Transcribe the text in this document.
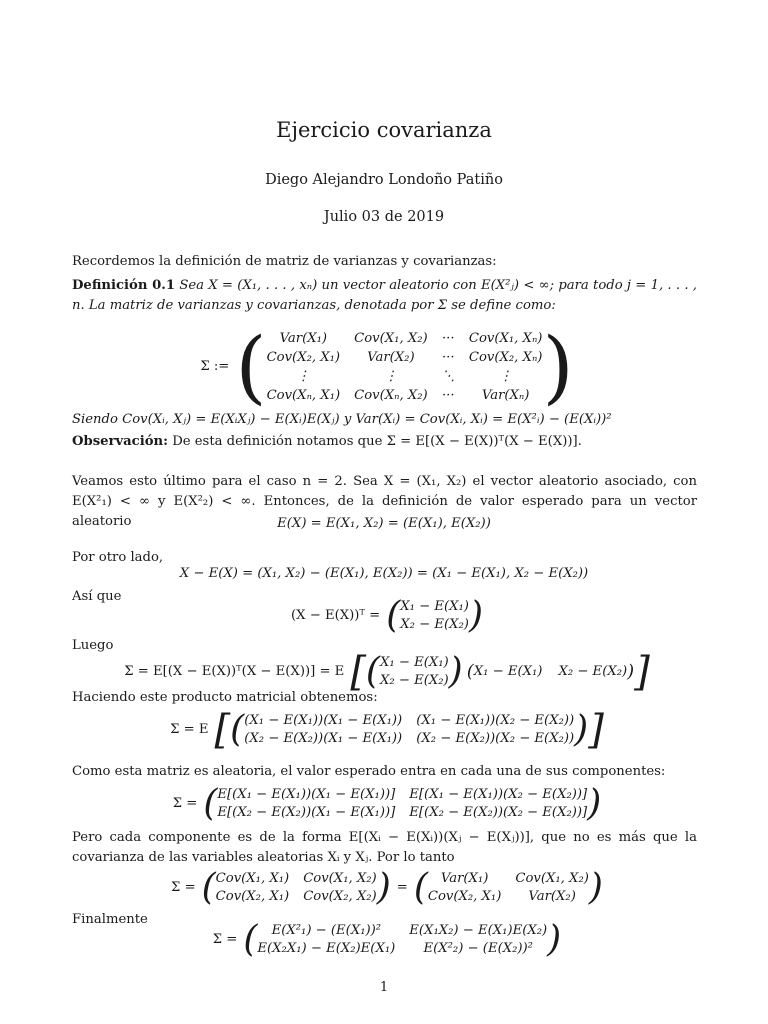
Ejercicio covarianza
Diego Alejandro Londoño Patiño
Julio 03 de 2019
Recordemos la definición de matriz de varianzas y covarianzas:
Definición 0.1 Sea X = (X₁, . . . , xₙ) un vector aleatorio con E(X²ⱼ) < ∞; para todo j = 1, . . . , n. La matriz de varianzas y covarianzas, denotada por Σ se define como:
Σ := ( Var(X₁)	Cov(X₁, X₂) ··· Cov(X₁, Xₙ)
Cov(X₂, X₁)	Var(X₂)	··· Cov(X₂, Xₙ)
⋮	⋮	⋱	⋮
Cov(Xₙ, X₁) Cov(Xₙ, X₂) ···	Var(Xₙ) )
Siendo Cov(Xᵢ, Xⱼ) = E(XᵢXⱼ) − E(Xᵢ)E(Xⱼ) y Var(Xᵢ) = Cov(Xᵢ, Xᵢ) = E(X²ᵢ) − (E(Xᵢ))²
Observación: De esta definición notamos que Σ = E[(X − E(X))ᵀ(X − E(X))].
Veamos esto último para el caso n = 2. Sea X = (X₁, X₂) el vector aleatorio asociado, con E(X²₁) < ∞ y E(X²₂) < ∞. Entonces, de la definición de valor esperado para un vector aleatorio	E(X) = E(X₁, X₂) = (E(X₁), E(X₂))
Por otro lado,
X − E(X) = (X₁, X₂) − (E(X₁), E(X₂)) = (X₁ − E(X₁), X₂ − E(X₂))
Así que
(X − E(X))ᵀ = ( X₁ − E(X₁)
X₂ − E(X₂) )
Luego
Σ = E[(X − E(X))ᵀ(X − E(X))] = E [ ( X₁ − E(X₁)
X₂ − E(X₂) ) ( X₁ − E(X₁) X₂ − E(X₂) ) ]
Haciendo este producto matricial obtenemos:
Σ = E [ ( (X₁ − E(X₁))(X₁ − E(X₁)) (X₁ − E(X₁))(X₂ − E(X₂))
(X₂ − E(X₂))(X₁ − E(X₁)) (X₂ − E(X₂))(X₂ − E(X₂)) ) ]
Como esta matriz es aleatoria, el valor esperado entra en cada una de sus componentes:
Σ = ( E[(X₁ − E(X₁))(X₁ − E(X₁))] E[(X₁ − E(X₁))(X₂ − E(X₂))]
E[(X₂ − E(X₂))(X₁ − E(X₁))] E[(X₂ − E(X₂))(X₂ − E(X₂))] )
Pero cada componente es de la forma E[(Xᵢ − E(Xᵢ))(Xⱼ − E(Xⱼ))], que no es más que la covarianza de las variables aleatorias Xᵢ y Xⱼ. Por lo tanto
Σ = ( Cov(X₁, X₁) Cov(X₁, X₂)
Cov(X₂, X₁) Cov(X₂, X₂) ) = ( Var(X₁)	Cov(X₁, X₂)
Cov(X₂, X₁)	Var(X₂) )
Finalmente
Σ = (	E(X²₁) − (E(X₁))²	E(X₁X₂) − E(X₁)E(X₂)
E(X₂X₁) − E(X₂)E(X₁)	E(X²₂) − (E(X₂))² )
1
